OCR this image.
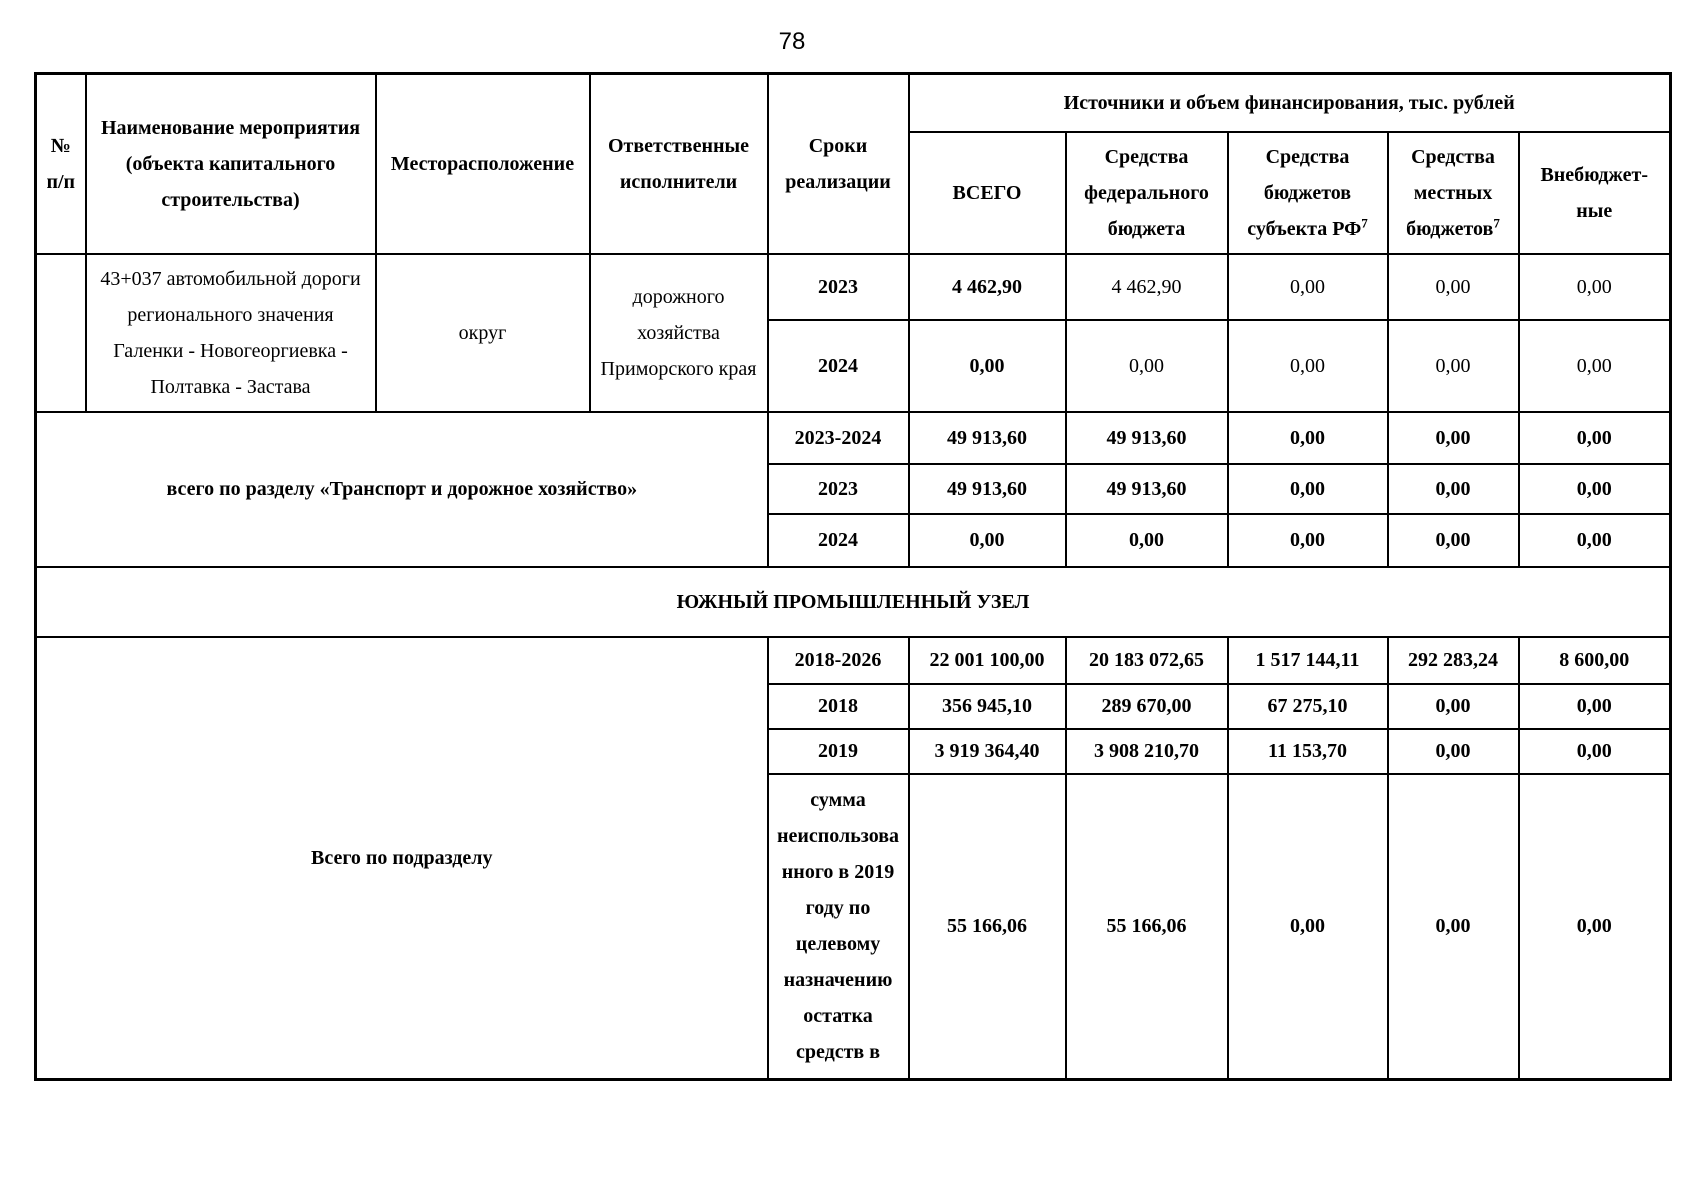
78
№ п/п	Наименование мероприятия (объекта капитального строительства)	Месторасположение	Ответственные исполнители	Сроки реализации	Источники и объем финансирования, тыс. рублей				
					ВСЕГО	Средства федерального бюджета	Средства бюджетов субъекта $РФ^7$	Средства местных бюджетов$^7$	Внебюджет-ные
	43+037 автомобильной дороги регионального значения Галенки - Новогеоргиевка - Полтавка - Застава	округ	дорожного хозяйства Приморского края	2023	4 462,90	4 462,90	0,00	0,00	0,00
				2024	0,00	0,00	0,00	0,00	0,00
всего по разделу «Транспорт и дорожное хозяйство»				2023-2024	49 913,60	49 913,60	0,00	0,00	0,00
				2023	49 913,60	49 913,60	0,00	0,00	0,00
				2024	0,00	0,00	0,00	0,00	0,00
ЮЖНЫЙ ПРОМЫШЛЕННЫЙ УЗЕЛ									
Всего по подразделу				2018-2026	22 001 100,00	20 183 072,65	1 517 144,11	292 283,24	8 600,00
				2018	356 945,10	289 670,00	67 275,10	0,00	0,00
				2019	3 919 364,40	3 908 210,70	11 153,70	0,00	0,00
				сумма неиспользованного в 2019 году по целевому назначению остатка средств в	55 166,06	55 166,06	0,00	0,00	0,00
